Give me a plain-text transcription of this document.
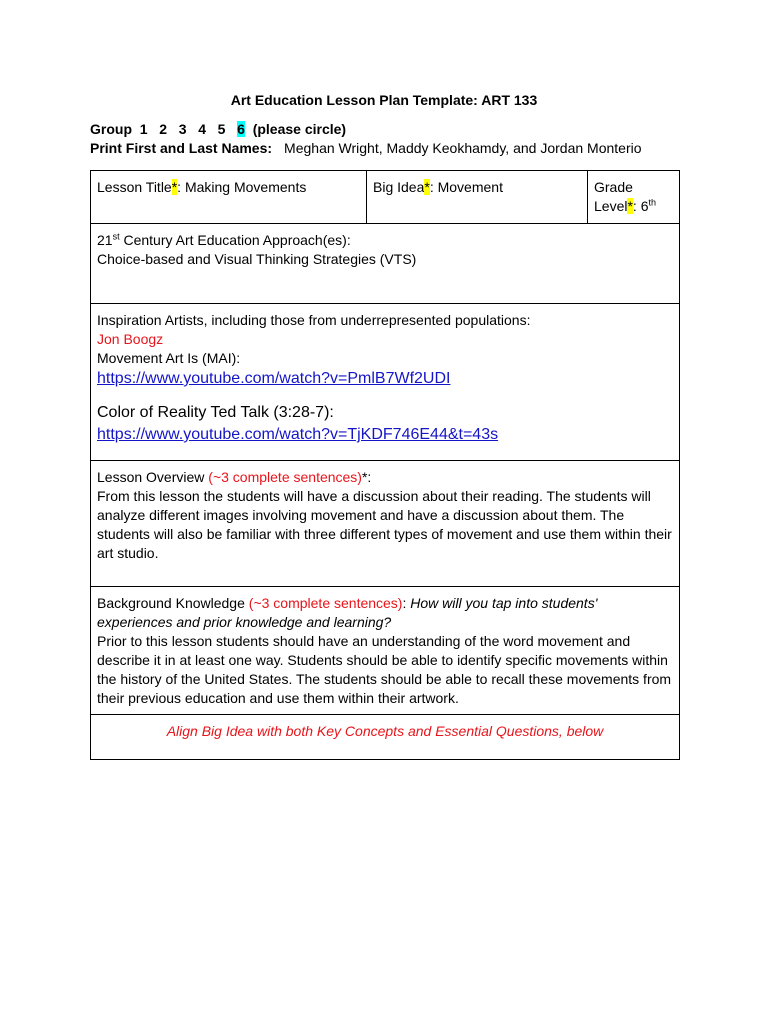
Art Education Lesson Plan Template: ART 133
Group 1 2 3 4 5 6 (please circle)
Print First and Last Names: Meghan Wright, Maddy Keokhamdy, and Jordan Monterio
Lesson Title*: Making Movements	Big Idea*: Movement	Grade
Level*: 6th
21st Century Art Education Approach(es):
Choice-based and Visual Thinking Strategies (VTS)
Inspiration Artists, including those from underrepresented populations:
Jon Boogz
Movement Art Is (MAI):
https://www.youtube.com/watch?v=PmlB7Wf2UDI
Color of Reality Ted Talk (3:28-7):
https://www.youtube.com/watch?v=TjKDF746E44&t=43s
Lesson Overview (~3 complete sentences)*:
From this lesson the students will have a discussion about their reading. The students will analyze different images involving movement and have a discussion about them. The students will also be familiar with three different types of movement and use them within their art studio.
Background Knowledge (~3 complete sentences): How will you tap into students' experiences and prior knowledge and learning?
Prior to this lesson students should have an understanding of the word movement and describe it in at least one way. Students should be able to identify specific movements within the history of the United States. The students should be able to recall these movements from their previous education and use them within their artwork.

Align Big Idea with both Key Concepts and Essential Questions, below
